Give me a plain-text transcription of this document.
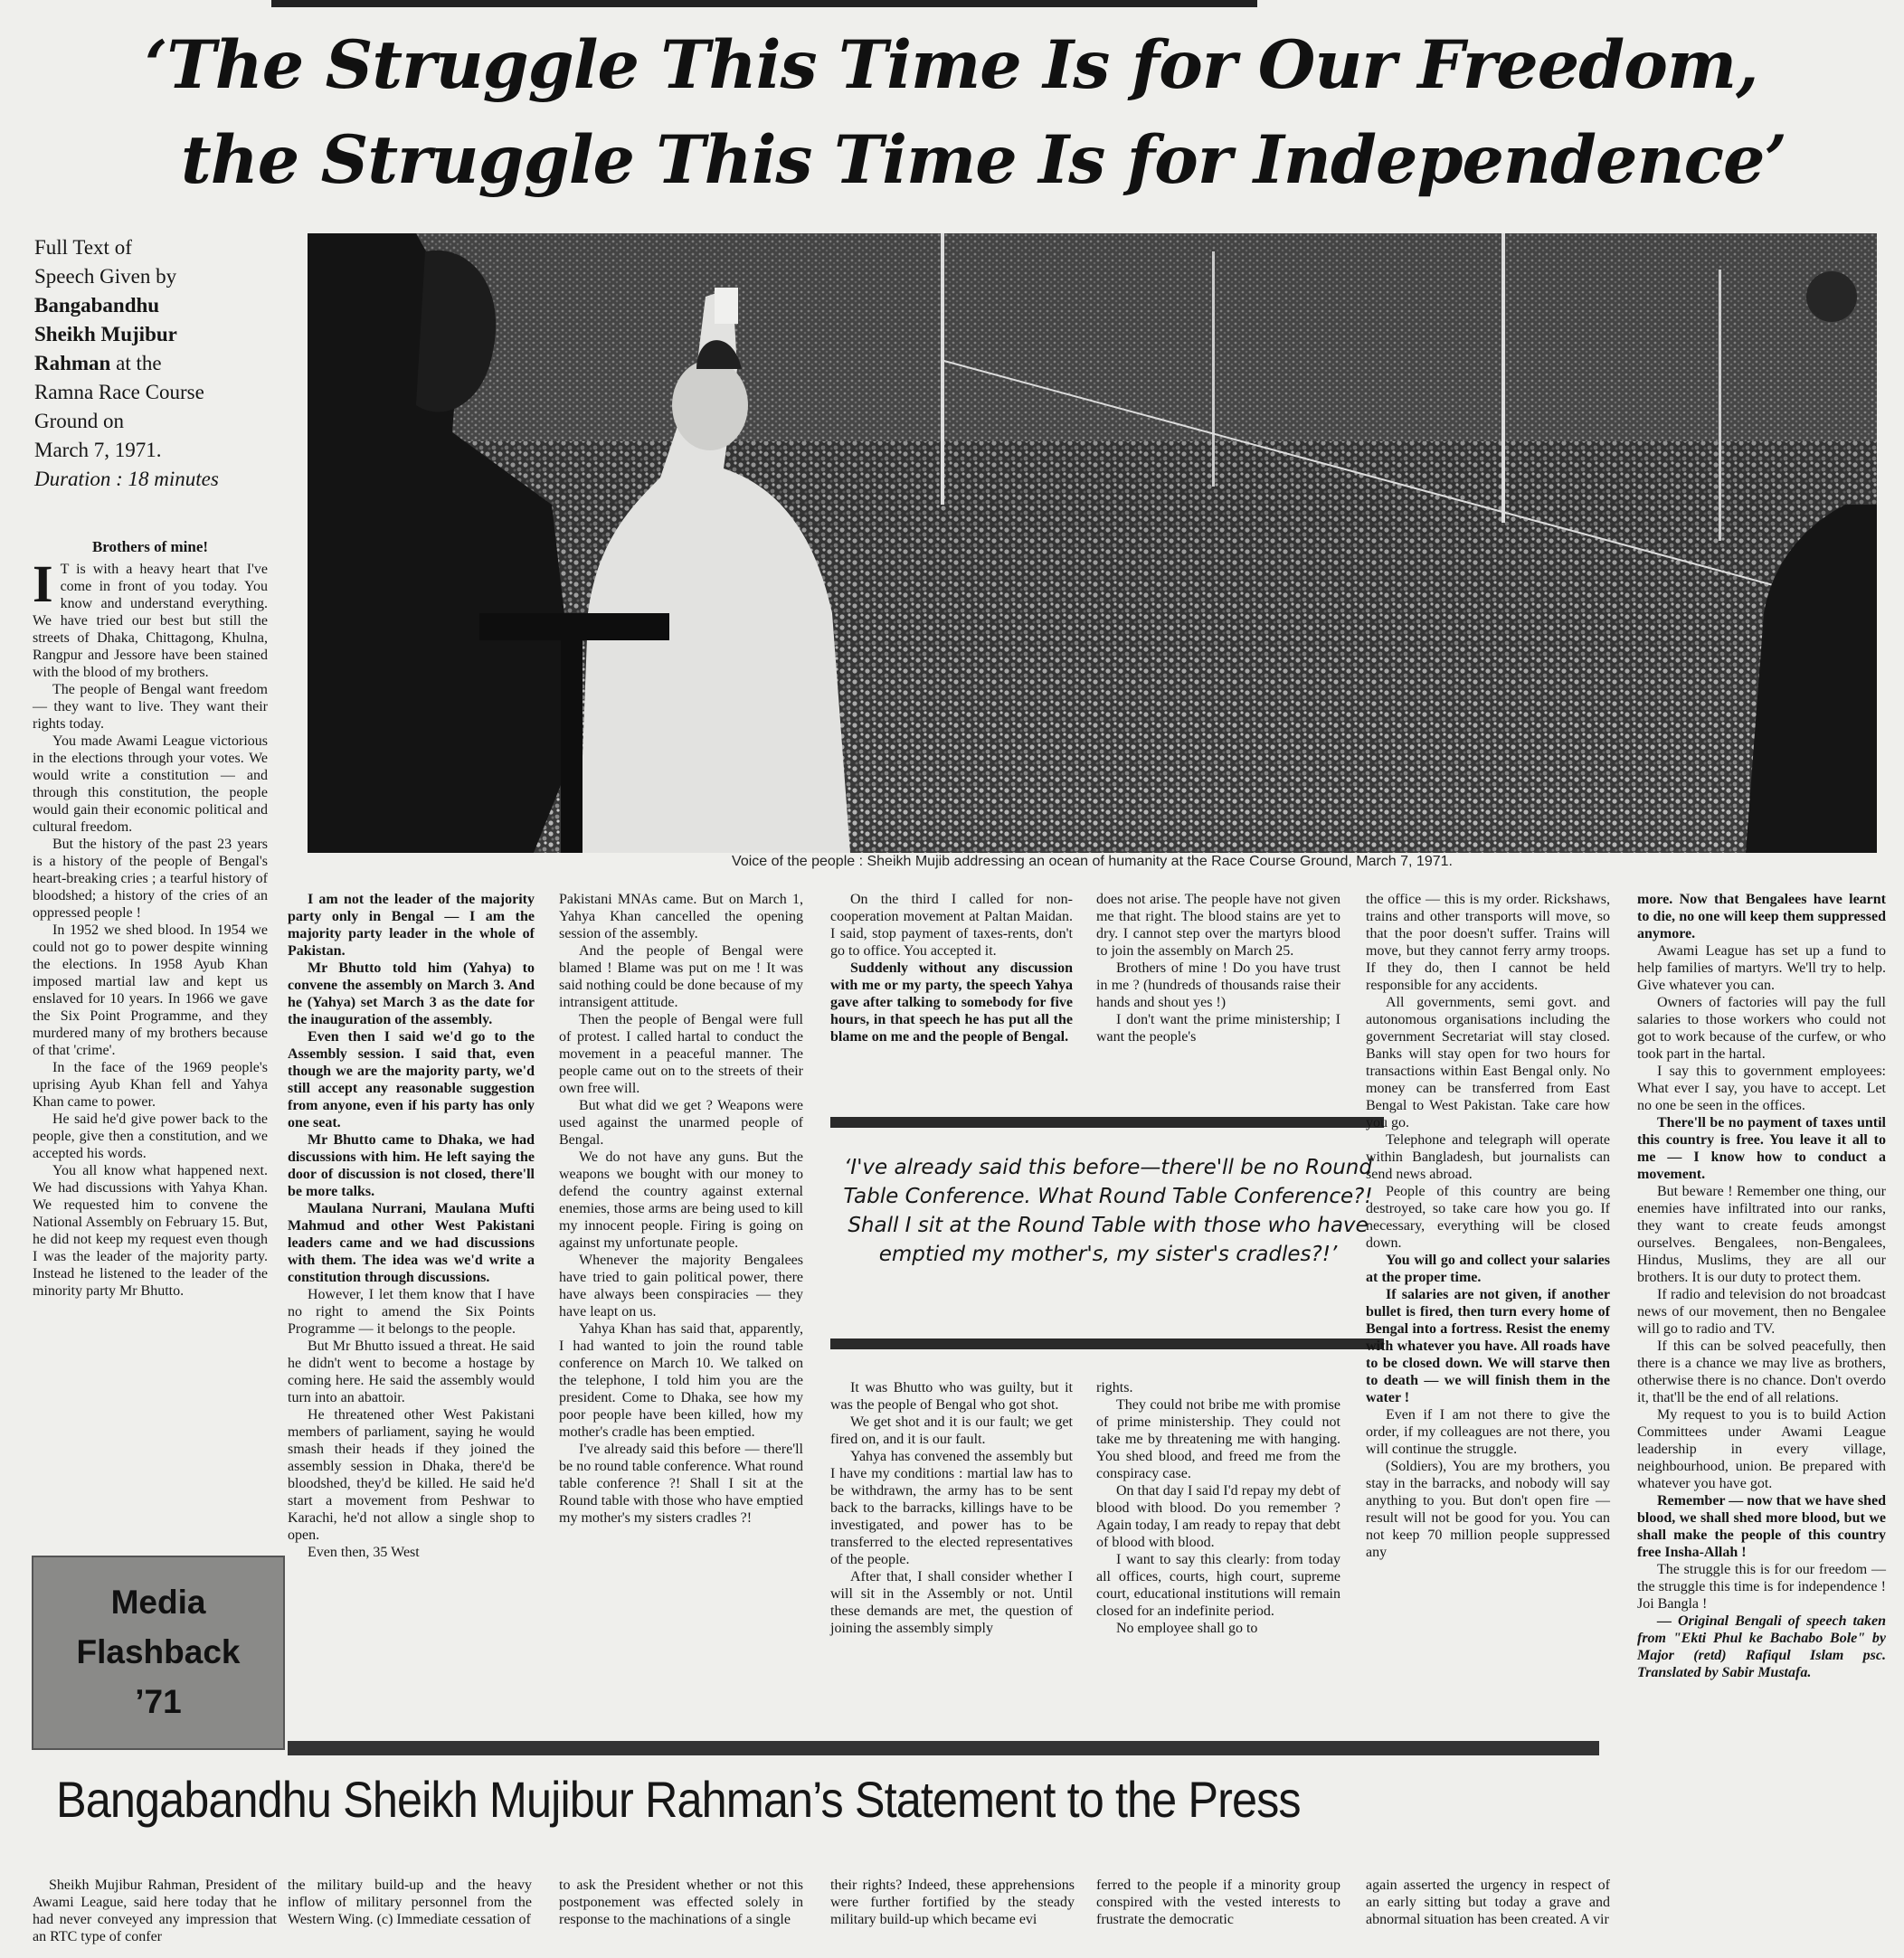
‘The Struggle This Time Is for Our Freedom,
the Struggle This Time Is for Independence’
Full Text of
Speech Given by
Bangabandhu
Sheikh Mujibur
Rahman at the
Ramna Race Course
Ground on
March 7, 1971.
Duration : 18 minutes
Voice of the people : Sheikh Mujib addressing an ocean of humanity at the Race Course Ground, March 7, 1971.
Brothers of mine!

I T is with a heavy heart that I've come in front of you today. You know and understand everything. We have tried our best but still the streets of Dhaka, Chittagong, Khulna, Rangpur and Jessore have been stained with the blood of my brothers.

The people of Bengal want freedom — they want to live. They want their rights today.

You made Awami League victorious in the elections through your votes. We would write a constitution — and through this constitution, the people would gain their economic political and cultural freedom.

But the history of the past 23 years is a history of the people of Bengal's heart-breaking cries ; a tearful history of bloodshed; a history of the cries of an oppressed people !

In 1952 we shed blood. In 1954 we could not go to power despite winning the elections. In 1958 Ayub Khan imposed martial law and kept us enslaved for 10 years. In 1966 we gave the Six Point Programme, and they murdered many of my brothers because of that 'crime'.

In the face of the 1969 people's uprising Ayub Khan fell and Yahya Khan came to power.

He said he'd give power back to the people, give then a constitution, and we accepted his words.

You all know what happened next. We had discussions with Yahya Khan. We requested him to convene the National Assembly on February 15. But, he did not keep my request even though I was the leader of the majority party. Instead he listened to the leader of the minority party Mr Bhutto.

I am not the leader of the majority party only in Bengal — I am the majority party leader in the whole of Pakistan.

Mr Bhutto told him (Yahya) to convene the assembly on March 3. And he (Yahya) set March 3 as the date for the inauguration of the assembly.

Even then I said we'd go to the Assembly session. I said that, even though we are the majority party, we'd still accept any reasonable suggestion from anyone, even if his party has only one seat.

Mr Bhutto came to Dhaka, we had discussions with him. He left saying the door of discussion is not closed, there'll be more talks.

Maulana Nurrani, Maulana Mufti Mahmud and other West Pakistani leaders came and we had discussions with them. The idea was we'd write a constitution through discussions.

However, I let them know that I have no right to amend the Six Points Programme — it belongs to the people.

But Mr Bhutto issued a threat. He said he didn't went to become a hostage by coming here. He said the assembly would turn into an abattoir.

He threatened other West Pakistani members of parliament, saying he would smash their heads if they joined the assembly session in Dhaka, there'd be bloodshed, they'd be killed. He said he'd start a movement from Peshwar to Karachi, he'd not allow a single shop to open.

Even then, 35 West

Pakistani MNAs came. But on March 1, Yahya Khan cancelled the opening session of the assembly.

And the people of Bengal were blamed ! Blame was put on me ! It was said nothing could be done because of my intransigent attitude.

Then the people of Bengal were full of protest. I called hartal to conduct the movement in a peaceful manner. The people came out on to the streets of their own free will.

But what did we get ? Weapons were used against the unarmed people of Bengal.

We do not have any guns. But the weapons we bought with our money to defend the country against external enemies, those arms are being used to kill my innocent people. Firing is going on against my unfortunate people.

Whenever the majority Bengalees have tried to gain political power, there have always been conspiracies — they have leapt on us.

Yahya Khan has said that, apparently, I had wanted to join the round table conference on March 10. We talked on the telephone, I told him you are the president. Come to Dhaka, see how my poor people have been killed, how my mother's cradle has been emptied.

I've already said this before — there'll be no round table conference. What round table conference ?! Shall I sit at the Round table with those who have emptied my mother's my sisters cradles ?!

On the third I called for non-cooperation movement at Paltan Maidan. I said, stop payment of taxes-rents, don't go to office. You accepted it.

Suddenly without any discussion with me or my party, the speech Yahya gave after talking to somebody for five hours, in that speech he has put all the blame on me and the people of Bengal.

It was Bhutto who was guilty, but it was the people of Bengal who got shot.

We get shot and it is our fault; we get fired on, and it is our fault.

Yahya has convened the assembly but I have my conditions : martial law has to be withdrawn, the army has to be sent back to the barracks, killings have to be investigated, and power has to be transferred to the elected representatives of the people.

After that, I shall consider whether I will sit in the Assembly or not. Until these demands are met, the question of joining the assembly simply

does not arise. The people have not given me that right. The blood stains are yet to dry. I cannot step over the martyrs blood to join the assembly on March 25.

Brothers of mine ! Do you have trust in me ? (hundreds of thousands raise their hands and shout yes !)

I don't want the prime ministership; I want the people's

rights.

They could not bribe me with promise of prime ministership. They could not take me by threatening me with hanging. You shed blood, and freed me from the conspiracy case.

On that day I said I'd repay my debt of blood with blood. Do you remember ? Again today, I am ready to repay that debt of blood with blood.

I want to say this clearly: from today all offices, courts, high court, supreme court, educational institutions will remain closed for an indefinite period.

No employee shall go to

‘I've already said this before—there'll be no Round Table Conference. What Round Table Conference?! Shall I sit at the Round Table with those who have emptied my mother's, my sister's cradles?!’

the office — this is my order. Rickshaws, trains and other transports will move, so that the poor doesn't suffer. Trains will move, but they cannot ferry army troops. If they do, then I cannot be held responsible for any accidents.

All governments, semi govt. and autonomous organisations including the government Secretariat will stay closed. Banks will stay open for two hours for transactions within East Bengal only. No money can be transferred from East Bengal to West Pakistan. Take care how you go.

Telephone and telegraph will operate within Bangladesh, but journalists can send news abroad.

People of this country are being destroyed, so take care how you go. If necessary, everything will be closed down.

You will go and collect your salaries at the proper time.

If salaries are not given, if another bullet is fired, then turn every home of Bengal into a fortress. Resist the enemy with whatever you have. All roads have to be closed down. We will starve then to death — we will finish them in the water !

Even if I am not there to give the order, if my colleagues are not there, you will continue the struggle.

(Soldiers), You are my brothers, you stay in the barracks, and nobody will say anything to you. But don't open fire — result will not be good for you. You can not keep 70 million people suppressed any

more. Now that Bengalees have learnt to die, no one will keep them suppressed anymore.

Awami League has set up a fund to help families of martyrs. We'll try to help. Give whatever you can.

Owners of factories will pay the full salaries to those workers who could not got to work because of the curfew, or who took part in the hartal.

I say this to government employees: What ever I say, you have to accept. Let no one be seen in the offices.

There'll be no payment of taxes until this country is free. You leave it all to me — I know how to conduct a movement.

But beware ! Remember one thing, our enemies have infiltrated into our ranks, they want to create feuds amongst ourselves. Bengalees, non-Bengalees, Hindus, Muslims, they are all our brothers. It is our duty to protect them.

If radio and television do not broadcast news of our movement, then no Bengalee will go to radio and TV.

If this can be solved peacefully, then there is a chance we may live as brothers, otherwise there is no chance. Don't overdo it, that'll be the end of all relations.

My request to you is to build Action Committees under Awami League leadership in every village, neighbourhood, union. Be prepared with whatever you have got.

Remember — now that we have shed blood, we shall shed more blood, but we shall make the people of this country free Insha-Allah !

The struggle this is for our freedom — the struggle this time is for independence ! Joi Bangla !

— Original Bengali of speech taken from "Ekti Phul ke Bachabo Bole" by Major (retd) Rafiqul Islam psc. Translated by Sabir Mustafa.

Media
Flashback
’71
Bangabandhu Sheikh Mujibur Rahman’s Statement to the Press

Sheikh Mujibur Rahman, President of Awami League, said here today that he had never conveyed any impression that an RTC type of confer

the military build-up and the heavy inflow of military personnel from the Western Wing. (c) Immediate cessation of

to ask the President whether or not this postponement was effected solely in response to the machinations of a single

their rights? Indeed, these apprehensions were further fortified by the steady military build-up which became evi

ferred to the people if a minority group conspired with the vested interests to frustrate the democratic

again asserted the urgency in respect of an early sitting but today a grave and abnormal situation has been created. A vir
